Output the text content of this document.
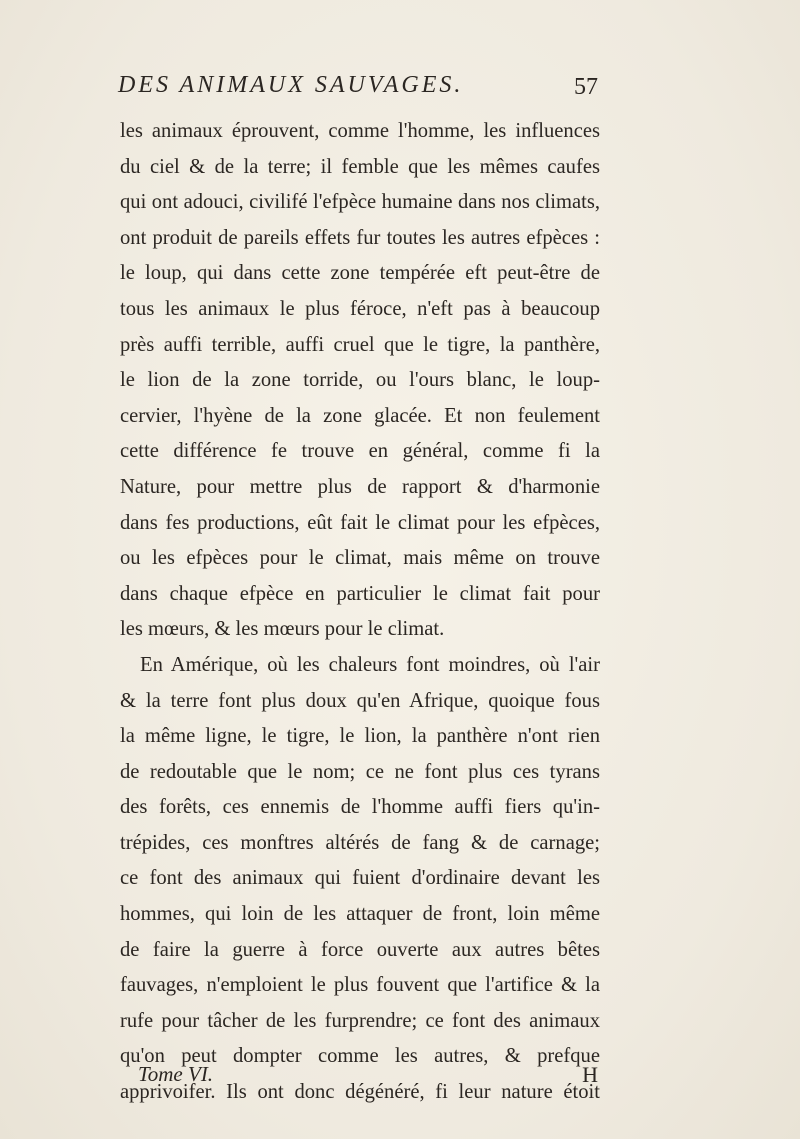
DES ANIMAUX SAUVAGES.	57
les animaux éprouvent, comme l'homme, les influences
du ciel & de la terre; il femble que les mêmes caufes
qui ont adouci, civilifé l'efpèce humaine dans nos climats,
ont produit de pareils effets fur toutes les autres efpèces :
le loup, qui dans cette zone tempérée eft peut-être de
tous les animaux le plus féroce, n'eft pas à beaucoup
près auffi terrible, auffi cruel que le tigre, la panthère,
le lion de la zone torride, ou l'ours blanc, le loup-
cervier, l'hyène de la zone glacée. Et non feulement
cette différence fe trouve en général, comme fi la
Nature, pour mettre plus de rapport & d'harmonie
dans fes productions, eût fait le climat pour les efpèces,
ou les efpèces pour le climat, mais même on trouve
dans chaque efpèce en particulier le climat fait pour
les mœurs, & les mœurs pour le climat.
En Amérique, où les chaleurs font moindres, où l'air
& la terre font plus doux qu'en Afrique, quoique fous
la même ligne, le tigre, le lion, la panthère n'ont rien
de redoutable que le nom; ce ne font plus ces tyrans
des forêts, ces ennemis de l'homme auffi fiers qu'in-
trépides, ces monftres altérés de fang & de carnage;
ce font des animaux qui fuient d'ordinaire devant les
hommes, qui loin de les attaquer de front, loin même
de faire la guerre à force ouverte aux autres bêtes
fauvages, n'emploient le plus fouvent que l'artifice & la
rufe pour tâcher de les furprendre; ce font des animaux
qu'on peut dompter comme les autres, & prefque
apprivoifer. Ils ont donc dégénéré, fi leur nature étoit
Tome VI.	H
